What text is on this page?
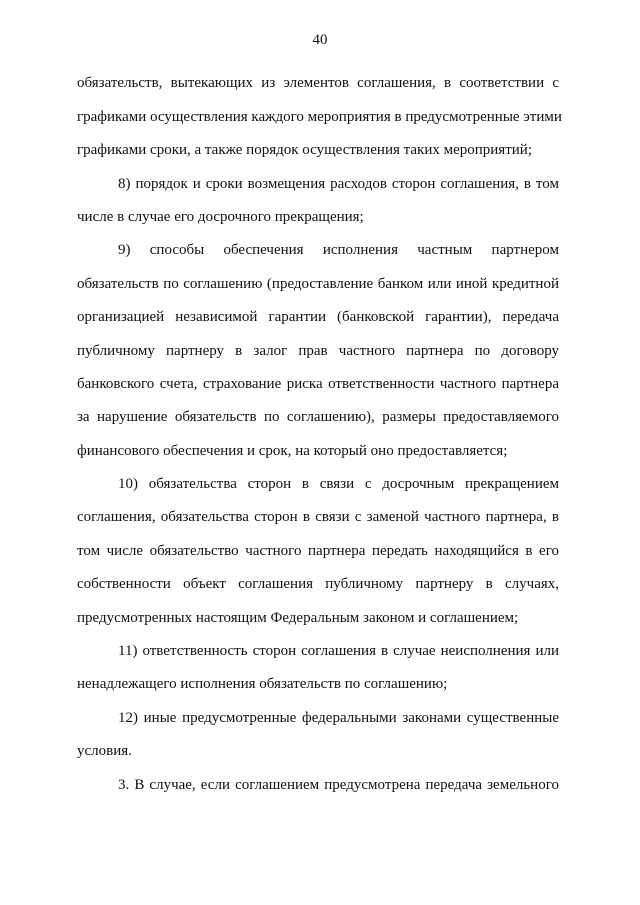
40
обязательств, вытекающих из элементов соглашения, в соответствии с
графиками осуществления каждого мероприятия в предусмотренные этими
графиками сроки, а также порядок осуществления таких мероприятий;
8) порядок и сроки возмещения расходов сторон соглашения, в том
числе в случае его досрочного прекращения;
9) способы обеспечения исполнения частным партнером
обязательств по соглашению (предоставление банком или иной кредитной
организацией независимой гарантии (банковской гарантии), передача
публичному партнеру в залог прав частного партнера по договору
банковского счета, страхование риска ответственности частного партнера
за нарушение обязательств по соглашению), размеры предоставляемого
финансового обеспечения и срок, на который оно предоставляется;
10) обязательства сторон в связи с досрочным прекращением
соглашения, обязательства сторон в связи с заменой частного партнера, в
том числе обязательство частного партнера передать находящийся в его
собственности объект соглашения публичному партнеру в случаях,
предусмотренных настоящим Федеральным законом и соглашением;
11) ответственность сторон соглашения в случае неисполнения или
ненадлежащего исполнения обязательств по соглашению;
12) иные предусмотренные федеральными законами существенные
условия.
3. В случае, если соглашением предусмотрена передача земельного
